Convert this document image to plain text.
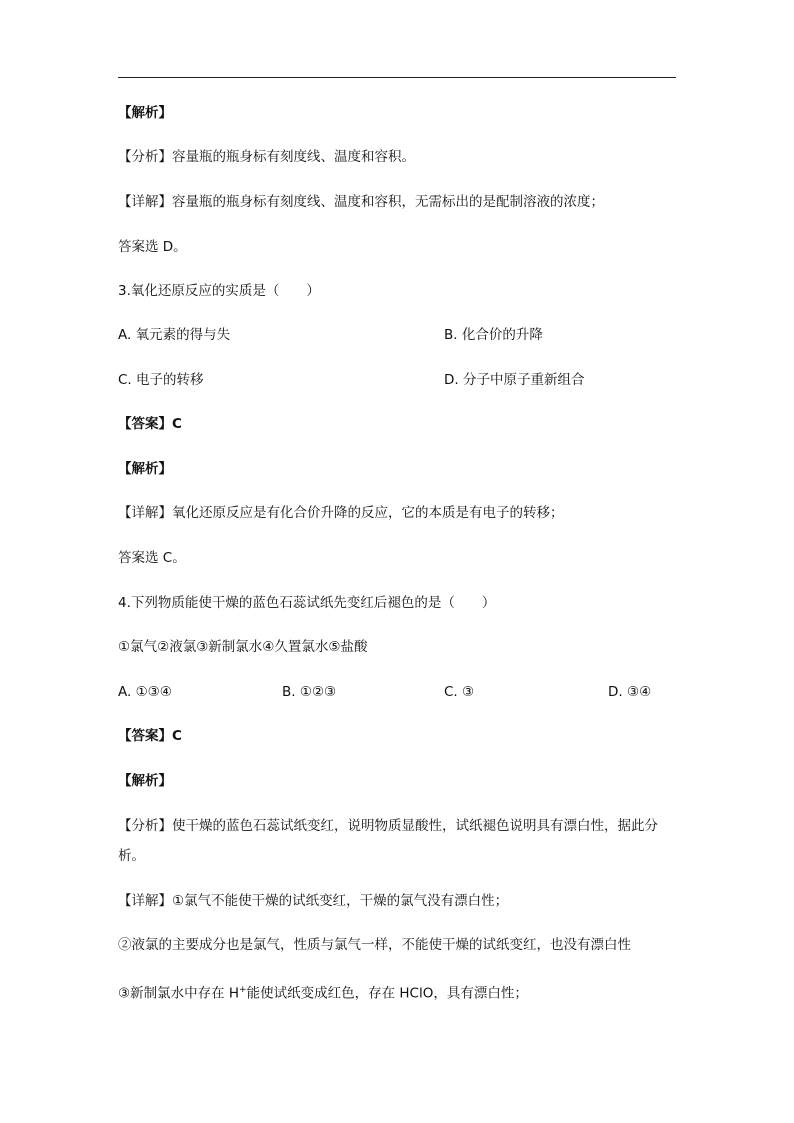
【解析】
【分析】容量瓶的瓶身标有刻度线、温度和容积。
【详解】容量瓶的瓶身标有刻度线、温度和容积，无需标出的是配制溶液的浓度；
答案选 D。
3.氧化还原反应的实质是（　　）
A. 氧元素的得与失	B. 化合价的升降
C. 电子的转移	D. 分子中原子重新组合
【答案】C
【解析】
【详解】氧化还原反应是有化合价升降的反应，它的本质是有电子的转移；
答案选 C。
4.下列物质能使干燥的蓝色石蕊试纸先变红后褪色的是（　　）
①氯气②液氯③新制氯水④久置氯水⑤盐酸
A. ①③④	B. ①②③	C. ③	D. ③④
【答案】C
【解析】
【分析】使干燥的蓝色石蕊试纸变红，说明物质显酸性，试纸褪色说明具有漂白性，据此分
析。
【详解】①氯气不能使干燥的试纸变红，干燥的氯气没有漂白性；
②液氯的主要成分也是氯气，性质与氯气一样，不能使干燥的试纸变红，也没有漂白性
③新制氯水中存在 H+能使试纸变成红色，存在 HClO，具有漂白性；
